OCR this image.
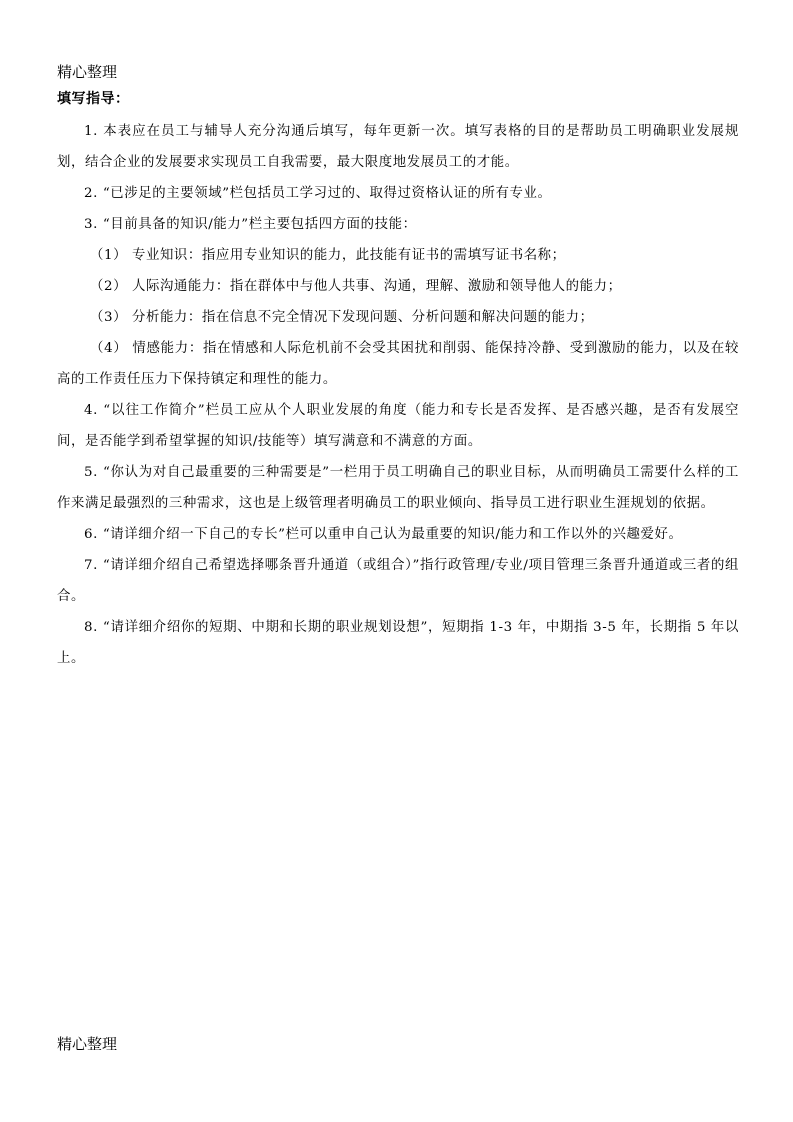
精心整理
填写指导：

1. 本表应在员工与辅导人充分沟通后填写，每年更新一次。填写表格的目的是帮助员工明确职业发展规划，结合企业的发展要求实现员工自我需要，最大限度地发展员工的才能。

2. “已涉足的主要领域”栏包括员工学习过的、取得过资格认证的所有专业。

3. “目前具备的知识/能力”栏主要包括四方面的技能：

（1） 专业知识：指应用专业知识的能力，此技能有证书的需填写证书名称；

（2） 人际沟通能力：指在群体中与他人共事、沟通，理解、激励和领导他人的能力；

（3） 分析能力：指在信息不完全情况下发现问题、分析问题和解决问题的能力；

（4） 情感能力：指在情感和人际危机前不会受其困扰和削弱、能保持冷静、受到激励的能力，以及在较高的工作责任压力下保持镇定和理性的能力。

4. “以往工作简介”栏员工应从个人职业发展的角度（能力和专长是否发挥、是否感兴趣，是否有发展空间，是否能学到希望掌握的知识/技能等）填写满意和不满意的方面。

5. “你认为对自己最重要的三种需要是”一栏用于员工明确自己的职业目标，从而明确员工需要什么样的工作来满足最强烈的三种需求，这也是上级管理者明确员工的职业倾向、指导员工进行职业生涯规划的依据。

6. “请详细介绍一下自己的专长”栏可以重申自己认为最重要的知识/能力和工作以外的兴趣爱好。

7. “请详细介绍自己希望选择哪条晋升通道（或组合）”指行政管理/专业/项目管理三条晋升通道或三者的组合。

8. “请详细介绍你的短期、中期和长期的职业规划设想”，短期指 1-3 年，中期指 3-5 年，长期指 5 年以上。

精心整理
